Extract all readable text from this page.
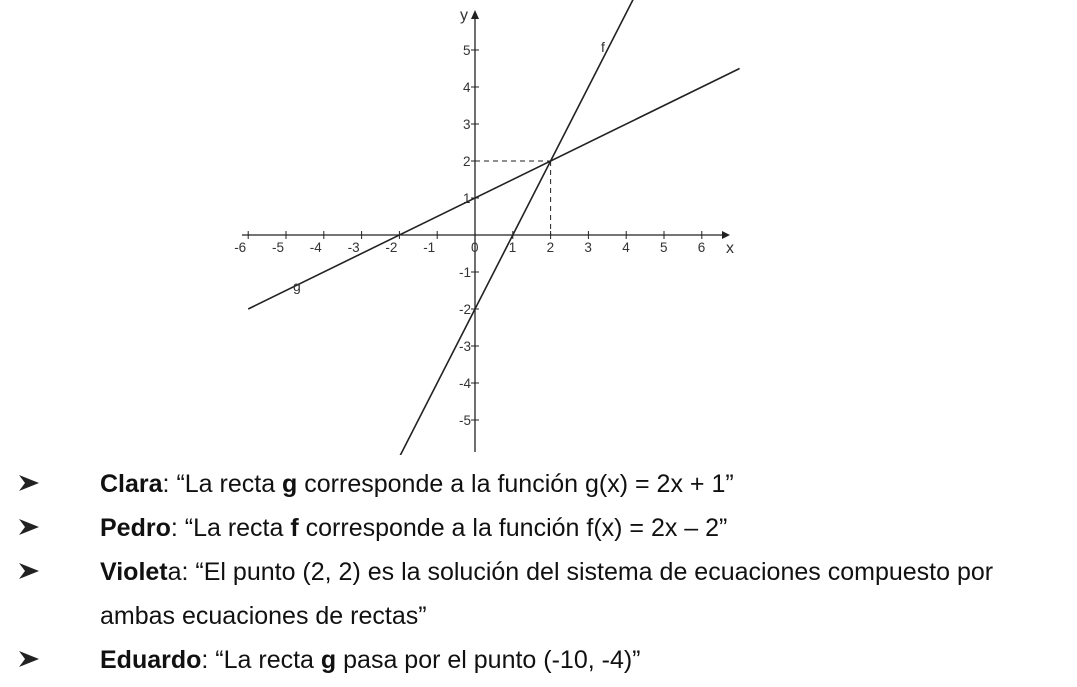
x
y
-6 -5 -4 -3 -2 -1	0 1 2 3 4 5 6
5
4
3
2
1
-1
-2
-3
-4
-5
f
g
Clara: “La recta g corresponde a la función g(x) = 2x + 1”
Pedro: “La recta f corresponde a la función f(x) = 2x – 2”
Violeta: “El punto (2, 2) es la solución del sistema de ecuaciones compuesto por
ambas ecuaciones de rectas”
Eduardo: “La recta g pasa por el punto (-10, -4)”
